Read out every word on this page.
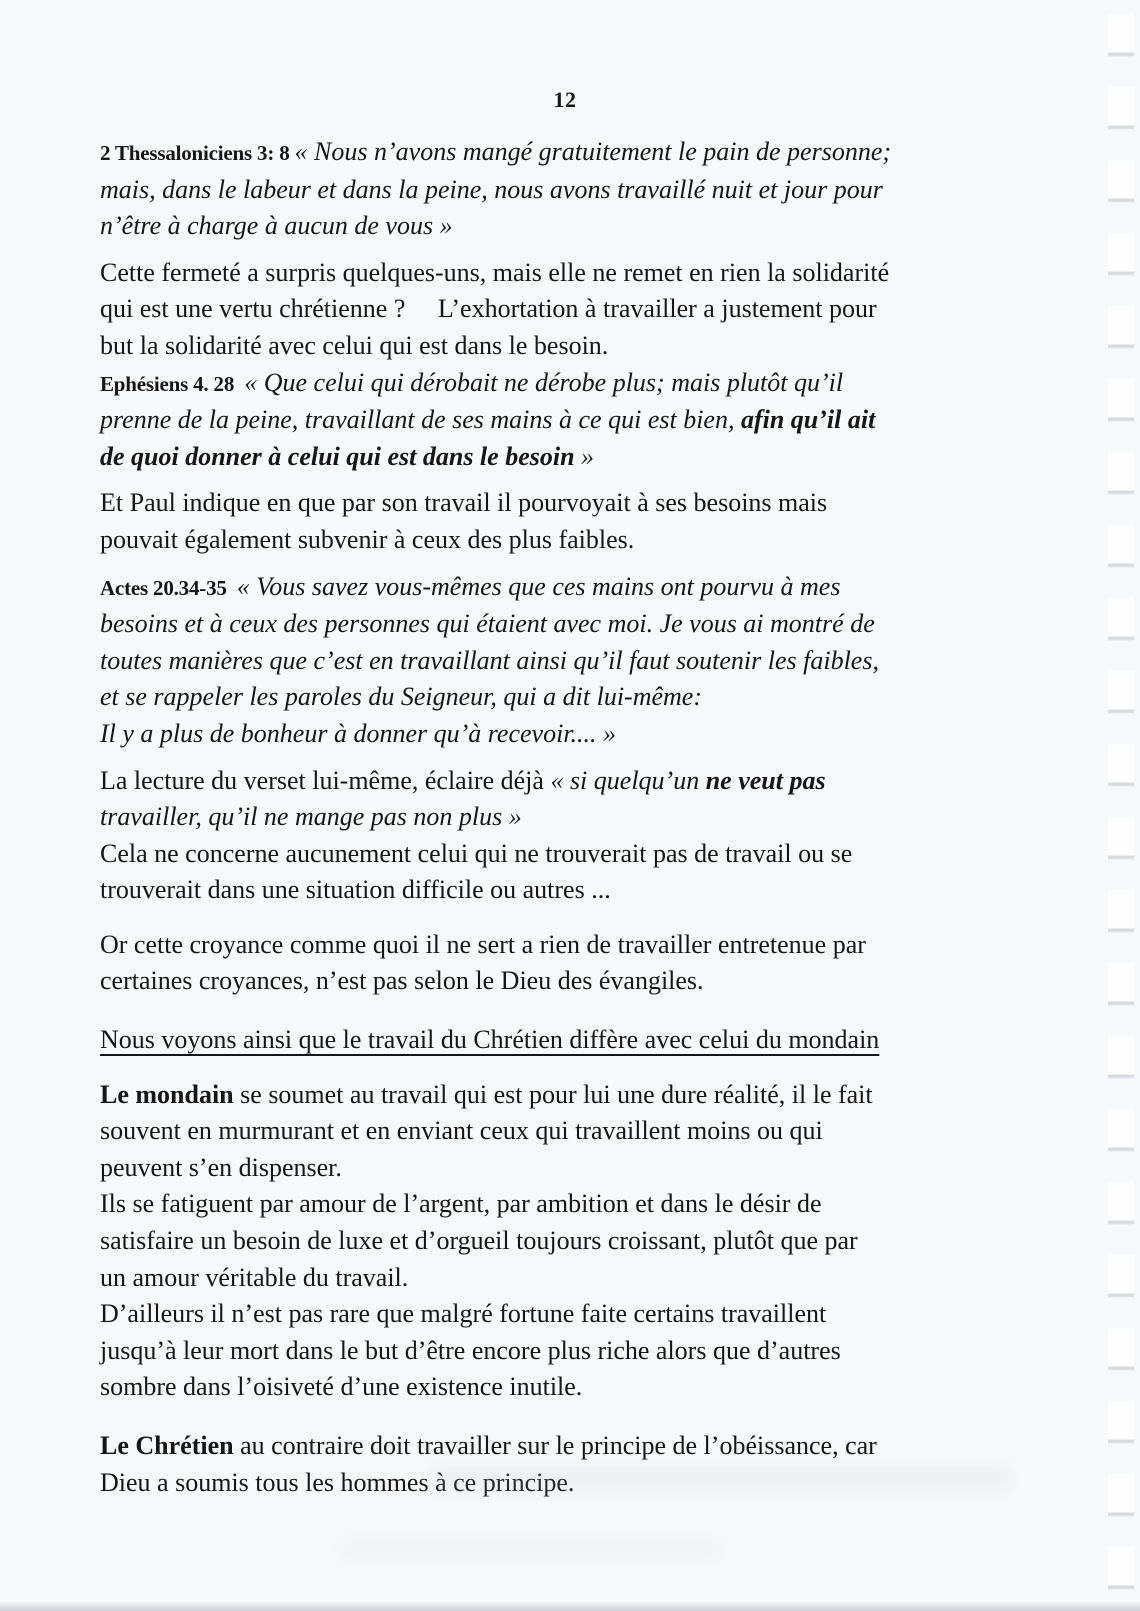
12
2 Thessaloniciens 3: 8 « Nous n’avons mangé gratuitement le pain de personne;
mais, dans le labeur et dans la peine, nous avons travaillé nuit et jour pour
n’être à charge à aucun de vous »
Cette fermeté a surpris quelques-uns, mais elle ne remet en rien la solidarité
qui est une vertu chrétienne ?     L’exhortation à travailler a justement pour
but la solidarité avec celui qui est dans le besoin.
Ephésiens 4. 28  « Que celui qui dérobait ne dérobe plus; mais plutôt qu’il
prenne de la peine, travaillant de ses mains à ce qui est bien, afin qu’il ait
de quoi donner à celui qui est dans le besoin »
Et Paul indique en que par son travail il pourvoyait à ses besoins mais
pouvait également subvenir à ceux des plus faibles.
Actes 20.34-35  « Vous savez vous-mêmes que ces mains ont pourvu à mes
besoins et à ceux des personnes qui étaient avec moi. Je vous ai montré de
toutes manières que c’est en travaillant ainsi qu’il faut soutenir les faibles,
et se rappeler les paroles du Seigneur, qui a dit lui-même:
Il y a plus de bonheur à donner qu’à recevoir.... »
La lecture du verset lui-même, éclaire déjà « si quelqu’un ne veut pas
travailler, qu’il ne mange pas non plus »
Cela ne concerne aucunement celui qui ne trouverait pas de travail ou se
trouverait dans une situation difficile ou autres ...
Or cette croyance comme quoi il ne sert a rien de travailler entretenue par
certaines croyances, n’est pas selon le Dieu des évangiles.
Nous voyons ainsi que le travail du Chrétien diffère avec celui du mondain
Le mondain se soumet au travail qui est pour lui une dure réalité, il le fait
souvent en murmurant et en enviant ceux qui travaillent moins ou qui
peuvent s’en dispenser.
Ils se fatiguent par amour de l’argent, par ambition et dans le désir de
satisfaire un besoin de luxe et d’orgueil toujours croissant, plutôt que par
un amour véritable du travail.
D’ailleurs il n’est pas rare que malgré fortune faite certains travaillent
jusqu’à leur mort dans le but d’être encore plus riche alors que d’autres
sombre dans l’oisiveté d’une existence inutile.
Le Chrétien au contraire doit travailler sur le principe de l’obéissance, car
Dieu a soumis tous les hommes à ce principe.
